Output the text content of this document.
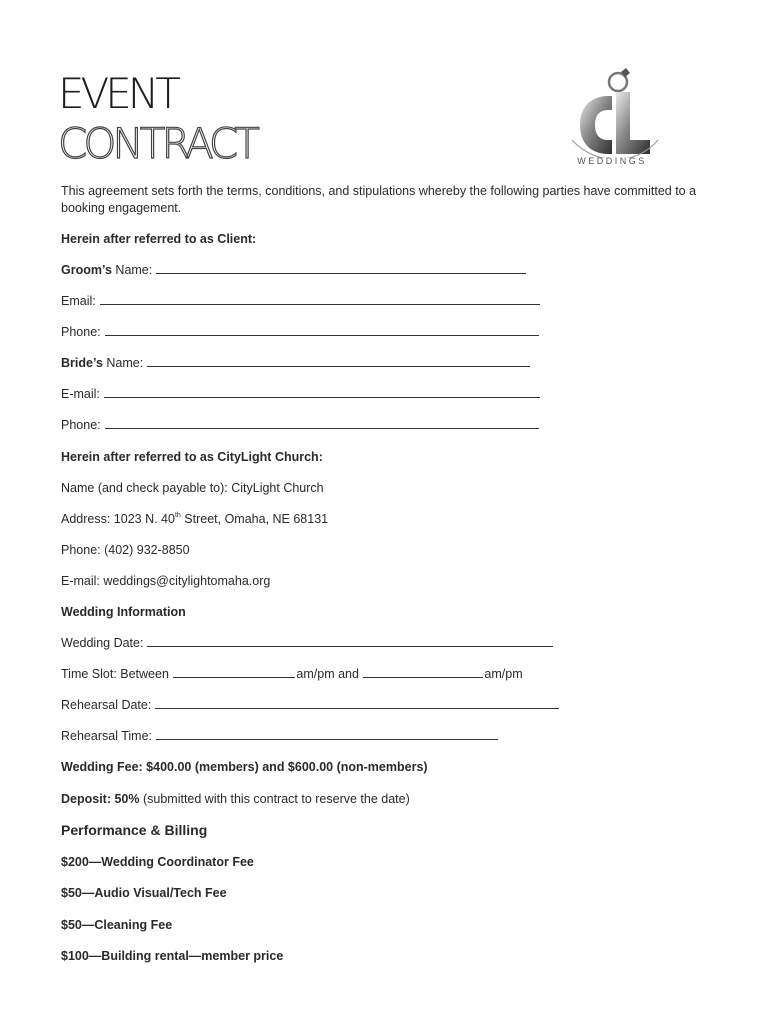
EVENT
CONTRACT	WEDDINGS

This agreement sets forth the terms, conditions, and stipulations whereby the following parties have committed to a booking engagement.

Herein after referred to as Client:
Groom’s Name:
Email:
Phone:
Bride’s Name:
E-mail:
Phone:
Herein after referred to as CityLight Church:
Name (and check payable to): CityLight Church
Address: 1023 N. 40th Street, Omaha, NE 68131
Phone: (402) 932-8850
E-mail: weddings@citylightomaha.org
Wedding Information
Wedding Date:
Time Slot: Between	am/pm and	am/pm
Rehearsal Date:
Rehearsal Time:
Wedding Fee: $400.00 (members) and $600.00 (non-members)
Deposit: 50% (submitted with this contract to reserve the date)
Performance & Billing
$200—Wedding Coordinator Fee
$50—Audio Visual/Tech Fee
$50—Cleaning Fee
$100—Building rental—member price
